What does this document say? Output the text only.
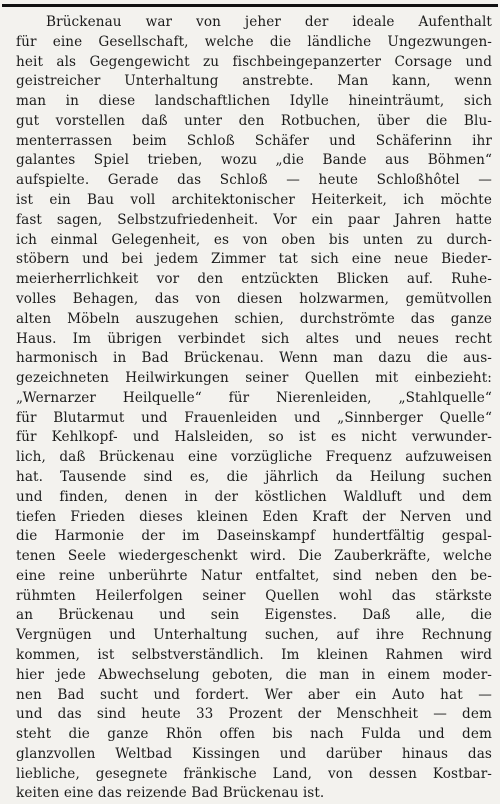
Brückenau war von jeher der ideale Aufenthalt
für eine Gesellschaft, welche die ländliche Ungezwungen-
heit als Gegengewicht zu fischbeingepanzerter Corsage und
geistreicher Unterhaltung anstrebte. Man kann, wenn
man in diese landschaftlichen Idylle hineinträumt, sich
gut vorstellen daß unter den Rotbuchen, über die Blu-
menterrassen beim Schloß Schäfer und Schäferinn ihr
galantes Spiel trieben, wozu „die Bande aus Böhmen“
aufspielte. Gerade das Schloß — heute Schloßhôtel —
ist ein Bau voll architektonischer Heiterkeit, ich möchte
fast sagen, Selbstzufriedenheit. Vor ein paar Jahren hatte
ich einmal Gelegenheit, es von oben bis unten zu durch-
stöbern und bei jedem Zimmer tat sich eine neue Bieder-
meierherrlichkeit vor den entzückten Blicken auf. Ruhe-
volles Behagen, das von diesen holzwarmen, gemütvollen
alten Möbeln auszugehen schien, durchströmte das ganze
Haus. Im übrigen verbindet sich altes und neues recht
harmonisch in Bad Brückenau. Wenn man dazu die aus-
gezeichneten Heilwirkungen seiner Quellen mit einbezieht:
„Wernarzer Heilquelle“ für Nierenleiden, „Stahlquelle“
für Blutarmut und Frauenleiden und „Sinnberger Quelle“
für Kehlkopf- und Halsleiden, so ist es nicht verwunder-
lich, daß Brückenau eine vorzügliche Frequenz aufzuweisen
hat. Tausende sind es, die jährlich da Heilung suchen
und finden, denen in der köstlichen Waldluft und dem
tiefen Frieden dieses kleinen Eden Kraft der Nerven und
die Harmonie der im Daseinskampf hundertfältig gespal-
tenen Seele wiedergeschenkt wird. Die Zauberkräfte, welche
eine reine unberührte Natur entfaltet, sind neben den be-
rühmten Heilerfolgen seiner Quellen wohl das stärkste
an Brückenau und sein Eigenstes. Daß alle, die
Vergnügen und Unterhaltung suchen, auf ihre Rechnung
kommen, ist selbstverständlich. Im kleinen Rahmen wird
hier jede Abwechselung geboten, die man in einem moder-
nen Bad sucht und fordert. Wer aber ein Auto hat —
und das sind heute 33 Prozent der Menschheit — dem
steht die ganze Rhön offen bis nach Fulda und dem
glanzvollen Weltbad Kissingen und darüber hinaus das
liebliche, gesegnete fränkische Land, von dessen Kostbar-
keiten eine das reizende Bad Brückenau ist.
